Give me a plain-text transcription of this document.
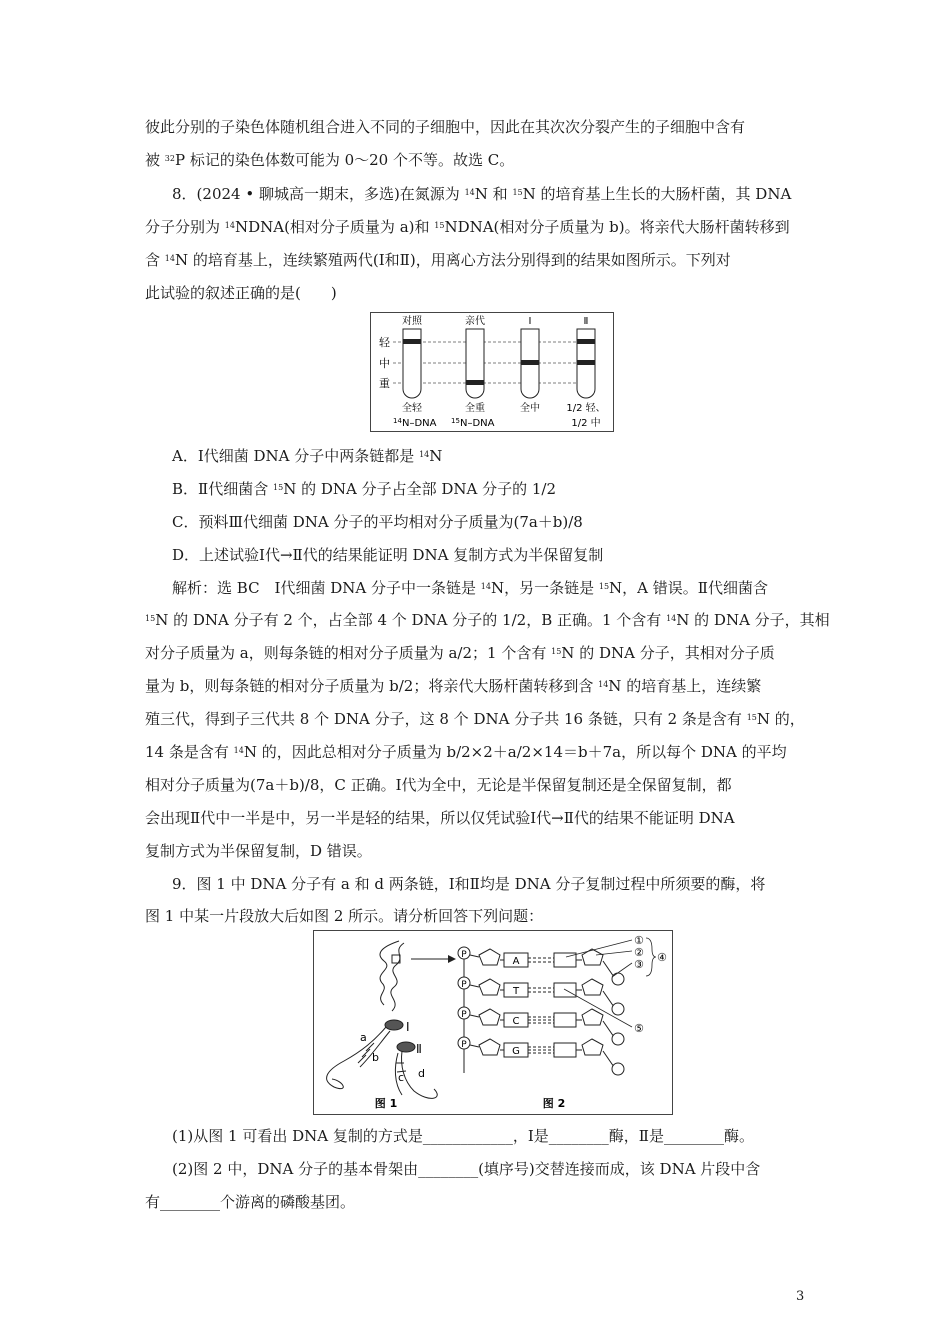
彼此分别的子染色体随机组合进入不同的子细胞中，因此在其次次分裂产生的子细胞中含有
被 $^{32}$P 标记的染色体数可能为 0～20 个不等。故选 C。
8．(2024 • 聊城高一期末，多选)在氮源为 $^{14}$N 和 $^{15}$N 的培育基上生长的大肠杆菌，其 DNA
分子分别为 $^{14}$NDNA(相对分子质量为 a)和 $^{15}$NDNA(相对分子质量为 b)。将亲代大肠杆菌转移到
含 $^{14}$N 的培育基上，连续繁殖两代(Ⅰ和Ⅱ)，用离心方法分别得到的结果如图所示。下列对
此试验的叙述正确的是(　　)
轻
中
重
对照	亲代	Ⅰ	Ⅱ
全轻	全重	全中	1/2 轻、
14 N–DNA 15 N–DNA	1/2 中
A．Ⅰ代细菌 DNA 分子中两条链都是 $^{14}$N
B．Ⅱ代细菌含 $^{15}$N 的 DNA 分子占全部 DNA 分子的 1/2
C．预料Ⅲ代细菌 DNA 分子的平均相对分子质量为(7a＋b)/8
D．上述试验Ⅰ代→Ⅱ代的结果能证明 DNA 复制方式为半保留复制
解析：选 BC　Ⅰ代细菌 DNA 分子中一条链是 $^{14}$N，另一条链是 $^{15}$N，A 错误。Ⅱ代细菌含
$^{15}$N 的 DNA 分子有 2 个，占全部 4 个 DNA 分子的 1/2，B 正确。1 个含有 $^{14}$N 的 DNA 分子，其相
对分子质量为 a，则每条链的相对分子质量为 a/2；1 个含有 $^{15}$N 的 DNA 分子，其相对分子质
量为 b，则每条链的相对分子质量为 b/2；将亲代大肠杆菌转移到含 $^{14}$N 的培育基上，连续繁
殖三代，得到子三代共 8 个 DNA 分子，这 8 个 DNA 分子共 16 条链，只有 2 条是含有 $^{15}$N 的，
14 条是含有 $^{14}$N 的，因此总相对分子质量为 b/2×2＋a/2×14＝b＋7a，所以每个 DNA 的平均
相对分子质量为(7a＋b)/8，C 正确。Ⅰ代为全中，无论是半保留复制还是全保留复制，都
会出现Ⅱ代中一半是中，另一半是轻的结果，所以仅凭试验Ⅰ代→Ⅱ代的结果不能证明 DNA
复制方式为半保留复制，D 错误。
9．图 1 中 DNA 分子有 a 和 d 两条链，Ⅰ和Ⅱ均是 DNA 分子复制过程中所须要的酶，将
图 1 中某一片段放大后如图 2 所示。请分析回答下列问题：
Ⅰ
Ⅱ
a
b
c d
P
P
P
P
A
T
C
G
①
②
③
④
⑤
图 1	图 2
(1)从图 1 可看出 DNA 复制的方式是____________，Ⅰ是________酶，Ⅱ是________酶。
(2)图 2 中，DNA 分子的基本骨架由________(填序号)交替连接而成，该 DNA 片段中含
有________个游离的磷酸基团。
3
